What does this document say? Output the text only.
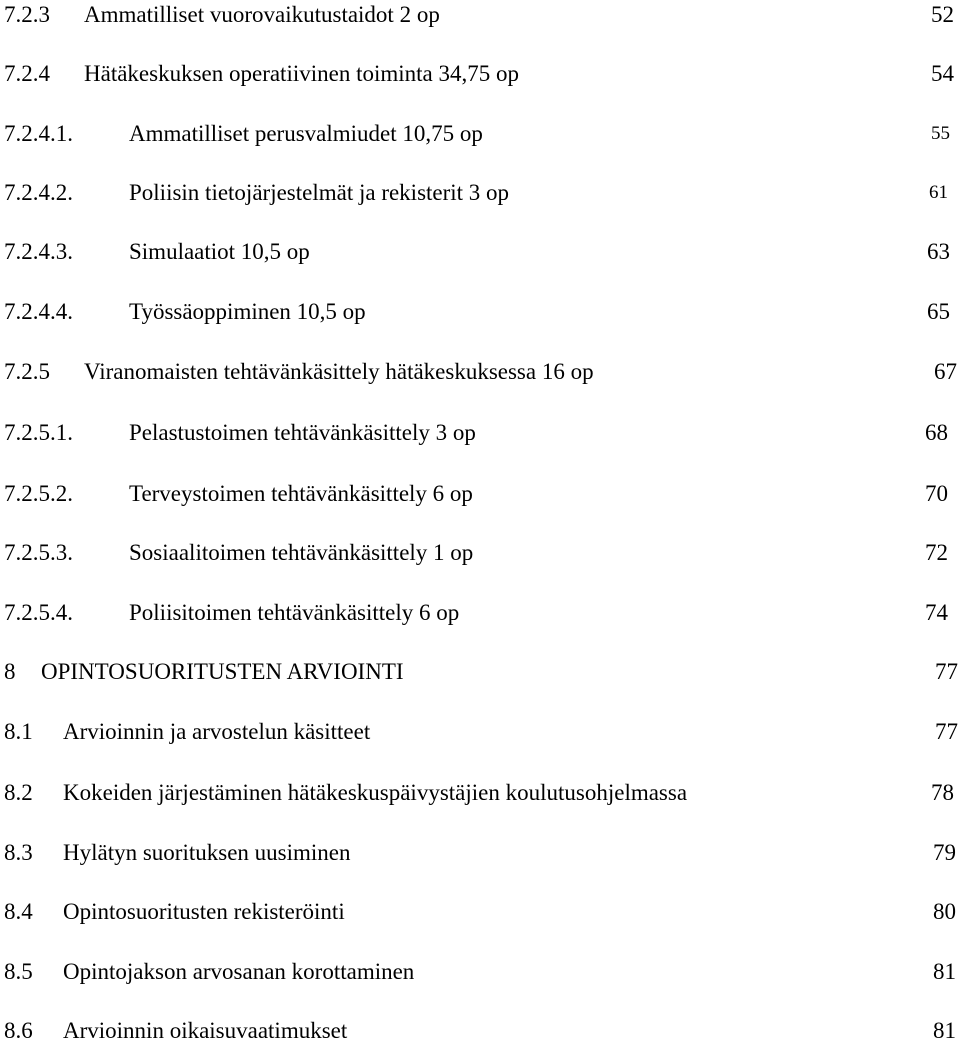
7.2.3 Ammatilliset vuorovaikutustaidot 2 op	52
7.2.4 Hätäkeskuksen operatiivinen toiminta 34,75 op	54
7.2.4.1. Ammatilliset perusvalmiudet 10,75 op	55
7.2.4.2. Poliisin tietojärjestelmät ja rekisterit 3 op	61
7.2.4.3. Simulaatiot 10,5 op	63
7.2.4.4. Työssäoppiminen 10,5 op	65
7.2.5 Viranomaisten tehtävänkäsittely hätäkeskuksessa 16 op	67
7.2.5.1. Pelastustoimen tehtävänkäsittely 3 op	68
7.2.5.2. Terveystoimen tehtävänkäsittely 6 op	70
7.2.5.3. Sosiaalitoimen tehtävänkäsittely 1 op	72
7.2.5.4. Poliisitoimen tehtävänkäsittely 6 op	74
8 OPINTOSUORITUSTEN ARVIOINTI	77
8.1 Arvioinnin ja arvostelun käsitteet	77
8.2 Kokeiden järjestäminen hätäkeskuspäivystäjien koulutusohjelmassa	78
8.3 Hylätyn suorituksen uusiminen	79
8.4 Opintosuoritusten rekisteröinti	80
8.5 Opintojakson arvosanan korottaminen	81
8.6 Arvioinnin oikaisuvaatimukset	81
